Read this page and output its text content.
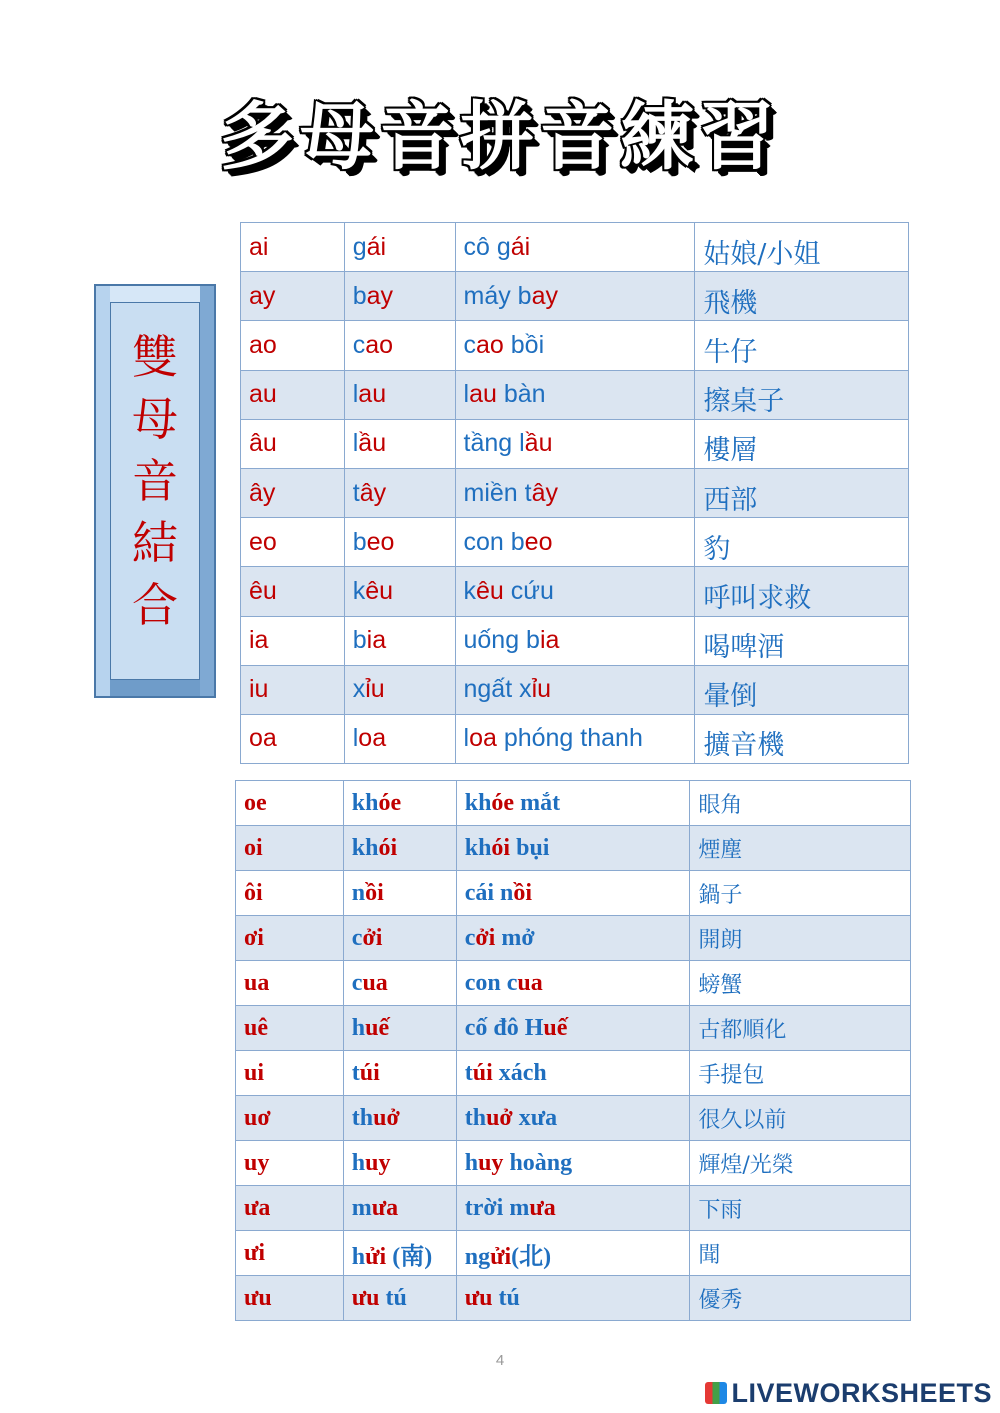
多母音拼音練習
雙
母
音
結
合
ai	gái	cô gái	姑娘/小姐
ay	bay	máy bay	飛機
ao	cao	cao bồi	牛仔
au	lau	lau bàn	擦桌子
âu	lầu	tầng lầu	樓層
ây	tây	miền tây	西部
eo	beo	con beo	豹
êu	kêu	kêu cứu	呼叫求救
ia	bia	uống bia	喝啤酒
iu	xỉu	ngất xỉu	暈倒
oa	loa	loa phóng thanh	擴音機
oe	khóe	khóe mắt	眼角
oi	khói	khói bụi	煙塵
ôi	nồi	cái nồi	鍋子
ơi	cởi	cởi mở	開朗
ua	cua	con cua	螃蟹
uê	huế	cố đô Huế	古都順化
ui	túi	túi xách	手提包
uơ	thuở	thuở xưa	很久以前
uy	huy	huy hoàng	輝煌/光榮
ưa	mưa	trời mưa	下雨
ưi	hửi (南)	ngửi(北)	聞
ưu	ưu tú	ưu tú	優秀
4
LIVEWORKSHEETS
